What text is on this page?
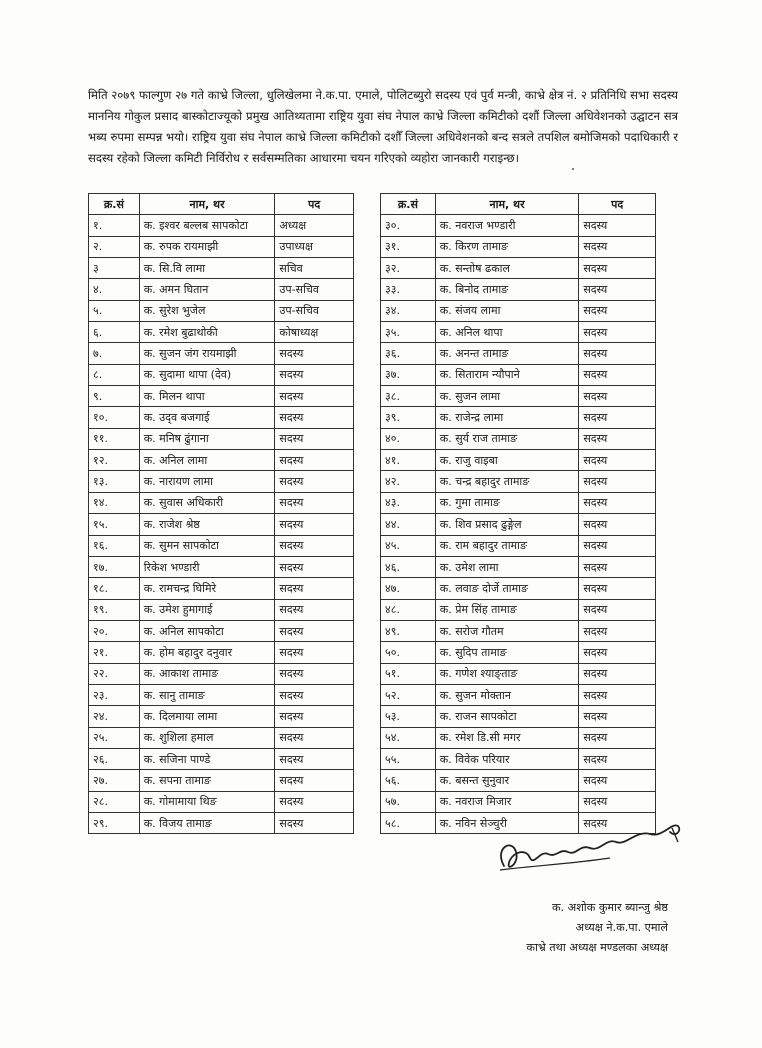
मिति २०७९ फाल्गुण २७ गते काभ्रे जिल्ला, धुलिखेलमा ने.क.पा. एमाले, पोलिटब्युरो सदस्य एवं पुर्व मन्त्री, काभ्रे क्षेत्र नं. २ प्रतिनिधि सभा सदस्य माननिय गोकुल प्रसाद बास्कोटाज्यूको प्रमुख आतिथ्यतामा राष्ट्रिय युवा संघ नेपाल काभ्रे जिल्ला कमिटीको दशौं जिल्ला अधिवेशनको उद्घाटन सत्र भब्य रुपमा सम्पन्न भयो। राष्ट्रिय युवा संघ नेपाल काभ्रे जिल्ला कमिटीको दशौँ जिल्ला अधिवेशनको बन्द सत्रले तपशिल बमोजिमको पदाधिकारी र सदस्य रहेको जिल्ला कमिटी निर्विरोध र सर्वसम्मतिका आधारमा चयन गरिएको व्यहोरा जानकारी गराइन्छ।

क्र.सं	नाम, थर	पद
१.	क. इश्वर बल्लब सापकोटा	अध्यक्ष
२.	क. रुपक रायमाझी	उपाध्यक्ष
३	क. सि.वि लामा	सचिव
४.	क. अमन घितान	उप-सचिव
५.	क. सुरेश भुजेल	उप-सचिव
६.	क. रमेश बुढाथोकी	कोषाध्यक्ष
७.	क. सुजन जंग रायमाझी	सदस्य
८.	क. सुदामा थापा (देव)	सदस्य
९.	क. मिलन थापा	सदस्य
१०.	क. उद्‍व बजगाई	सदस्य
११.	क. मनिष ढुंगाना	सदस्य
१२.	क. अनिल लामा	सदस्य
१३.	क. नारायण लामा	सदस्य
१४.	क. सुवास अधिकारी	सदस्य
१५.	क. राजेश श्रेष्ठ	सदस्य
१६.	क. सुमन सापकोटा	सदस्य
१७.	रिकेश भण्डारी	सदस्य
१८.	क. रामचन्द्र घिमिरे	सदस्य
१९.	क. उमेश हुमागाई	सदस्य
२०.	क. अनिल सापकोटा	सदस्य
२१.	क. होम बहादुर दनुवार	सदस्य
२२.	क. आकाश तामाङ	सदस्य
२३.	क. सानु तामाङ	सदस्य
२४.	क. दिलमाया लामा	सदस्य
२५.	क. शुशिला हमाल	सदस्य
२६.	क. सजिना पाण्डे	सदस्य
२७.	क. सपना तामाङ	सदस्य
२८.	क. गोमामाया थिङ	सदस्य
२९.	क. विजय तामाङ	सदस्य
क्र.सं	नाम, थर	पद
३०.	क. नवराज भण्डारी	सदस्य
३१.	क. किरण तामाङ	सदस्य
३२.	क. सन्तोष ढकाल	सदस्य
३३.	क. बिनोद तामाङ	सदस्य
३४.	क. संजय लामा	सदस्य
३५.	क. अनिल थापा	सदस्य
३६.	क. अनन्त तामाङ	सदस्य
३७.	क. सिताराम न्यौपाने	सदस्य
३८.	क. सुजन लामा	सदस्य
३९.	क. राजेन्द्र लामा	सदस्य
४०.	क. सुर्य राज तामाङ	सदस्य
४१.	क. राजु वाइबा	सदस्य
४२.	क. चन्द्र बहादुर तामाङ	सदस्य
४३.	क. गुमा तामाङ	सदस्य
४४.	क. शिव प्रसाद ढुङ्गेल	सदस्य
४५.	क. राम बहादुर तामाङ	सदस्य
४६.	क. उमेश लामा	सदस्य
४७.	क. लवाङ दोर्जे तामाङ	सदस्य
४८.	क. प्रेम सिंह तामाङ	सदस्य
४९.	क. सरोज गौतम	सदस्य
५०.	क. सुदिप तामाङ	सदस्य
५१.	क. गणेश श्याङ्ताङ	सदस्य
५२.	क. सुजन मोक्तान	सदस्य
५३.	क. राजन सापकोटा	सदस्य
५४.	क. रमेश डि.सी मगर	सदस्य
५५.	क. विवेक परियार	सदस्य
५६.	क. बसन्त सुनुवार	सदस्य
५७.	क. नवराज मिजार	सदस्य
५८.	क. नविन सेञ्चुरी	सदस्य
क. अशोक कुमार ब्यान्जु श्रेष्ठ
अध्यक्ष ने.क.पा. एमाले
काभ्रे तथा अध्यक्ष मण्डलका अध्यक्ष
